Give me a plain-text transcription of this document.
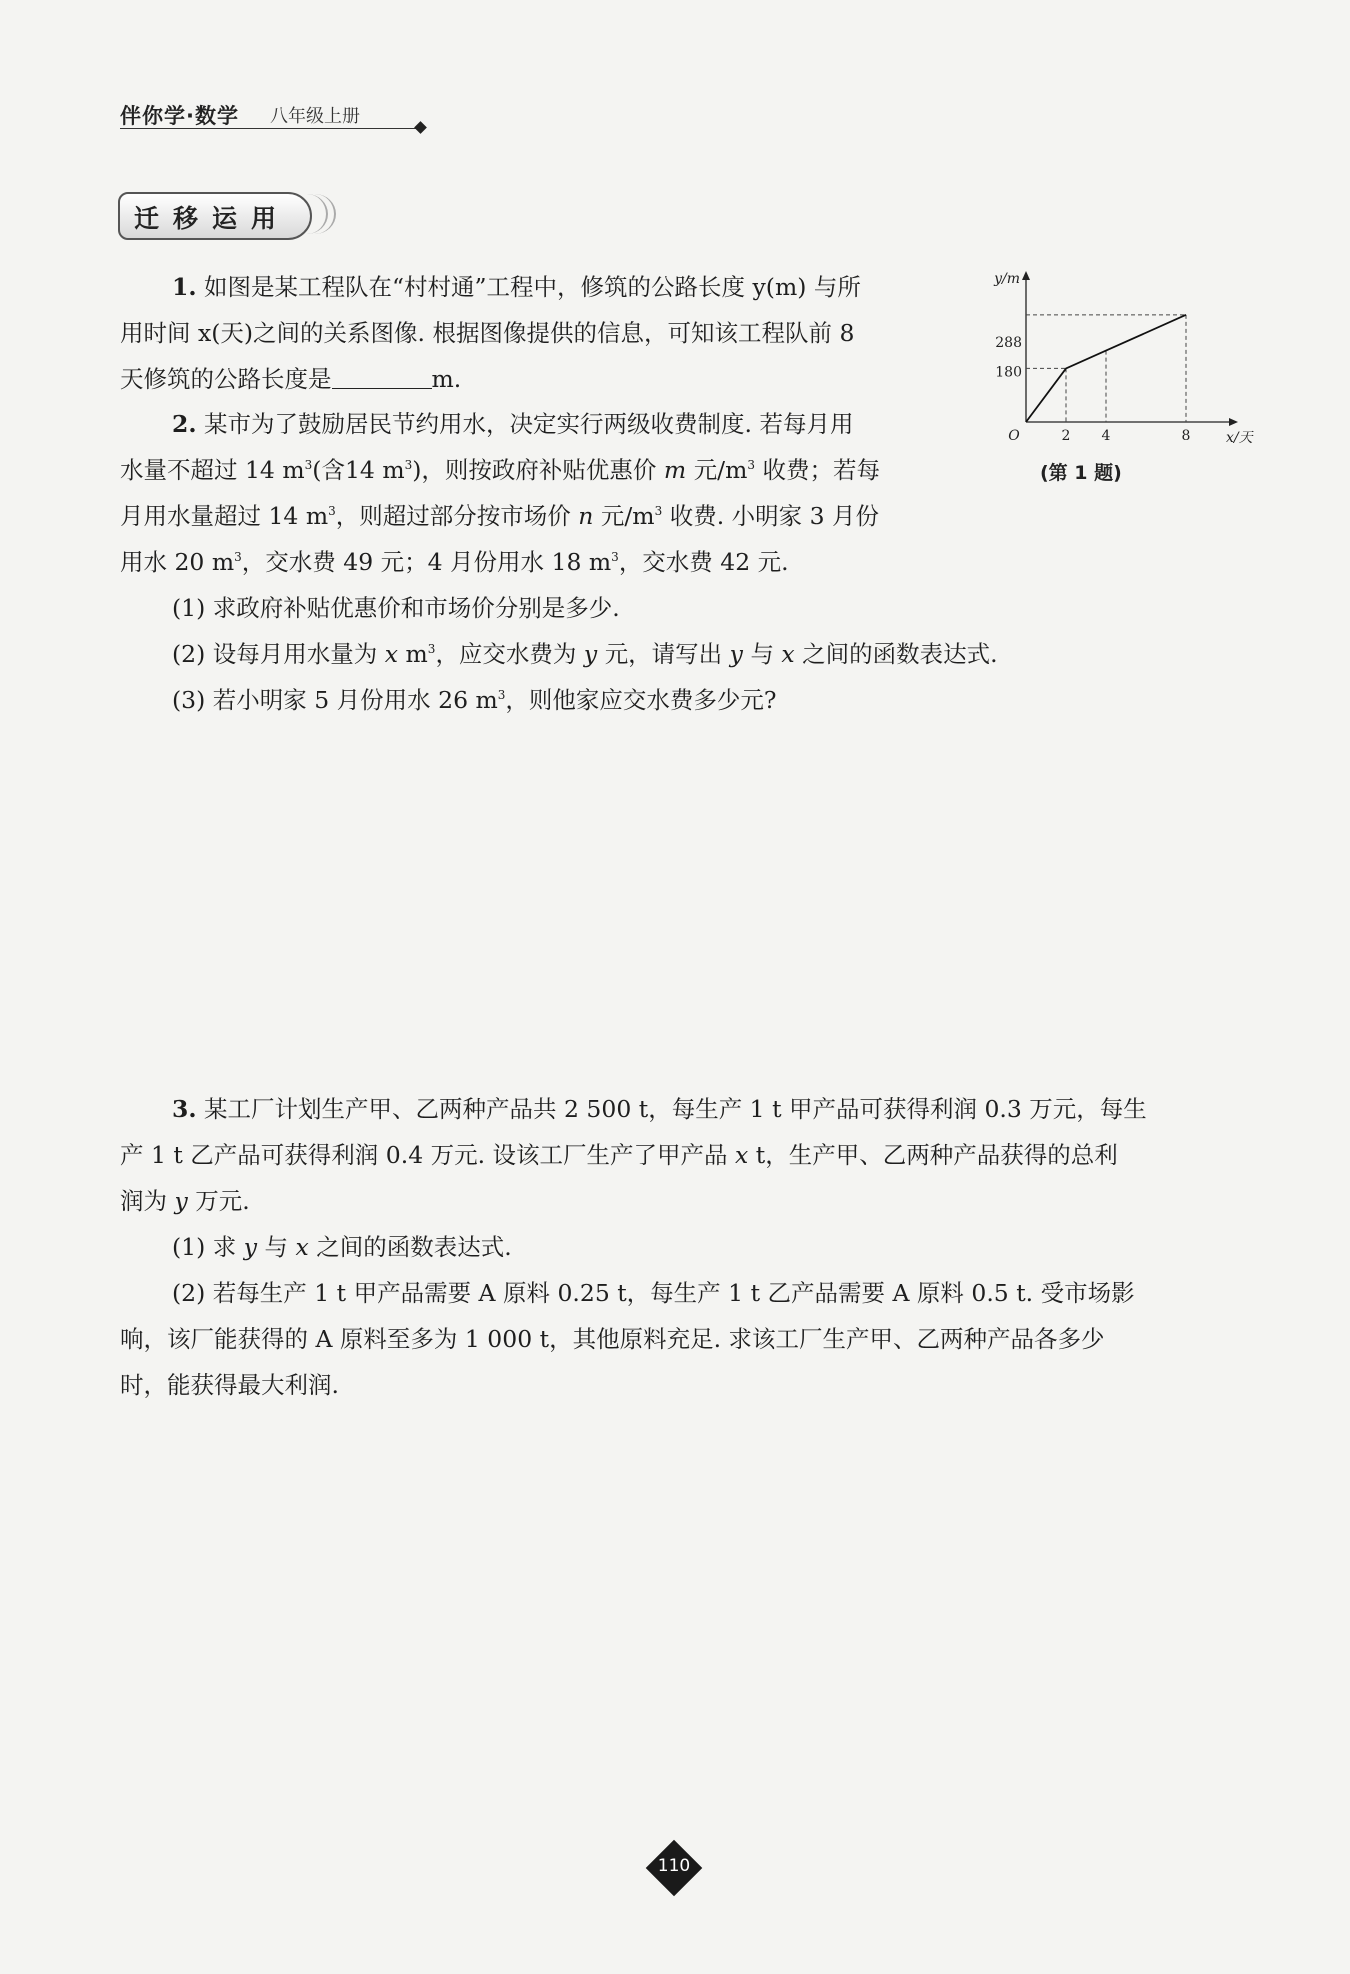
伴你学·数学 八年级上册
迁移运用
1. 如图是某工程队在“村村通”工程中，修筑的公路长度 y(m) 与所
用时间 x(天)之间的关系图像. 根据图像提供的信息，可知该工程队前 8
天修筑的公路长度是	m.
x/天
y/m
O	2 4	8
288
180
(第 1 题)
2. 某市为了鼓励居民节约用水，决定实行两级收费制度. 若每月用
水量不超过 14 $m^3$(含14 $m^3$)，则按政府补贴优惠价 m 元$/m^3$ 收费；若每
月用水量超过 14 $m^3$，则超过部分按市场价 n 元$/m^3$ 收费. 小明家 3 月份
用水 20 $m^3$，交水费 49 元；4 月份用水 18 $m^3$，交水费 42 元.
(1) 求政府补贴优惠价和市场价分别是多少.
(2) 设每月用水量为 x $m^3$，应交水费为 y 元，请写出 y 与 x 之间的函数表达式.
(3) 若小明家 5 月份用水 26 $m^3$，则他家应交水费多少元?
3. 某工厂计划生产甲、乙两种产品共 2 500 t，每生产 1 t 甲产品可获得利润 0.3 万元，每生
产 1 t 乙产品可获得利润 0.4 万元. 设该工厂生产了甲产品 x t，生产甲、乙两种产品获得的总利
润为 y 万元.
(1) 求 y 与 x 之间的函数表达式.
(2) 若每生产 1 t 甲产品需要 A 原料 0.25 t，每生产 1 t 乙产品需要 A 原料 0.5 t. 受市场影
响，该厂能获得的 A 原料至多为 1 000 t，其他原料充足. 求该工厂生产甲、乙两种产品各多少
时，能获得最大利润.
110
